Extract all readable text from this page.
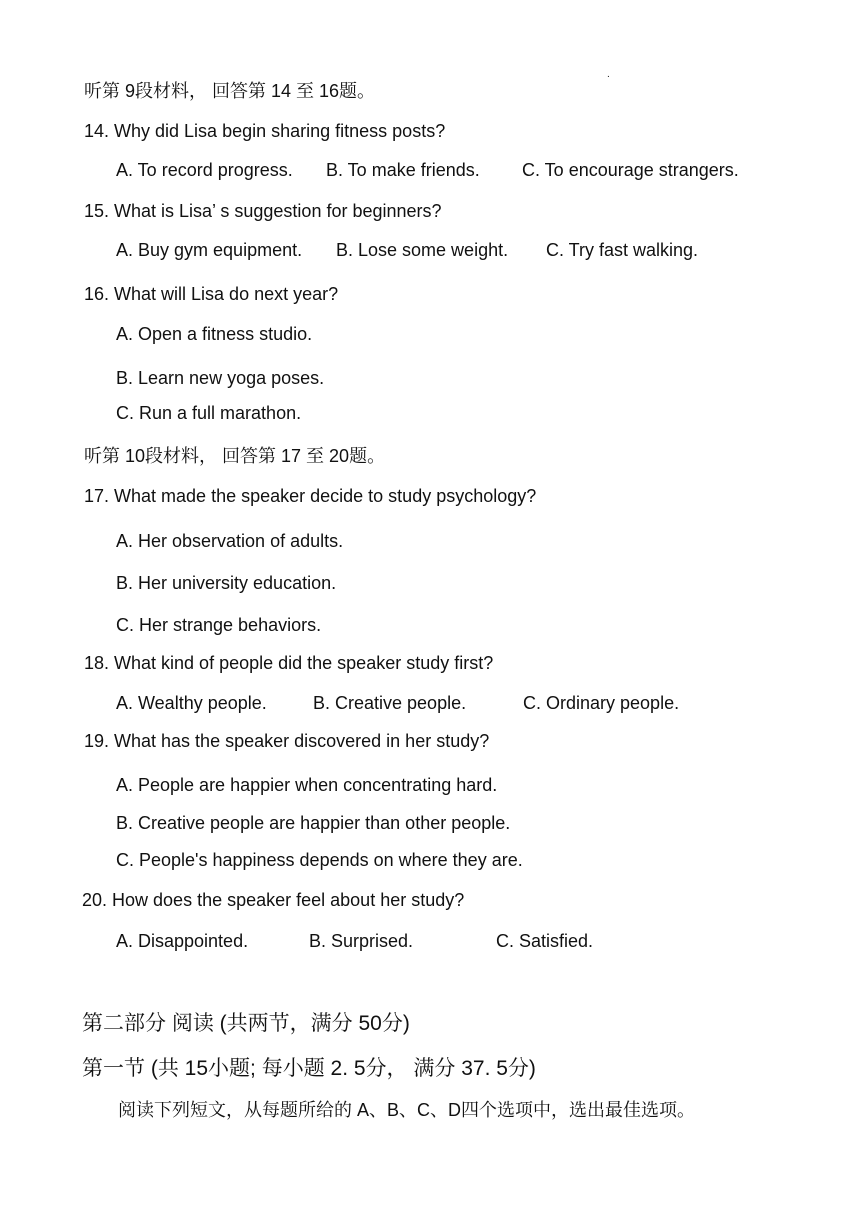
.
听第 9段材料， 回答第 14 至 16题。
14. Why did Lisa begin sharing fitness posts?
A. To record progress. B. To make friends. C. To encourage strangers.
15. What is Lisa’ s suggestion for beginners?
A. Buy gym equipment. B. Lose some weight. C. Try fast walking.
16. What will Lisa do next year?
A. Open a fitness studio.
B. Learn new yoga poses.
C. Run a full marathon.
听第 10段材料， 回答第 17 至 20题。
17. What made the speaker decide to study psychology?
A. Her observation of adults.
B. Her university education.
C. Her strange behaviors.
18. What kind of people did the speaker study first?
A. Wealthy people.	B. Creative people.	C. Ordinary people.
19. What has the speaker discovered in her study?
A. People are happier when concentrating hard.
B. Creative people are happier than other people.
C. People's happiness depends on where they are.
20. How does the speaker feel about her study?
A. Disappointed.	B. Surprised.	C. Satisfied.
第二部分 阅读 (共两节，满分 50分)
第一节 (共 15小题; 每小题 2. 5分， 满分 37. 5分)
阅读下列短文，从每题所给的 A、B、C、D四个选项中，选出最佳选项。
